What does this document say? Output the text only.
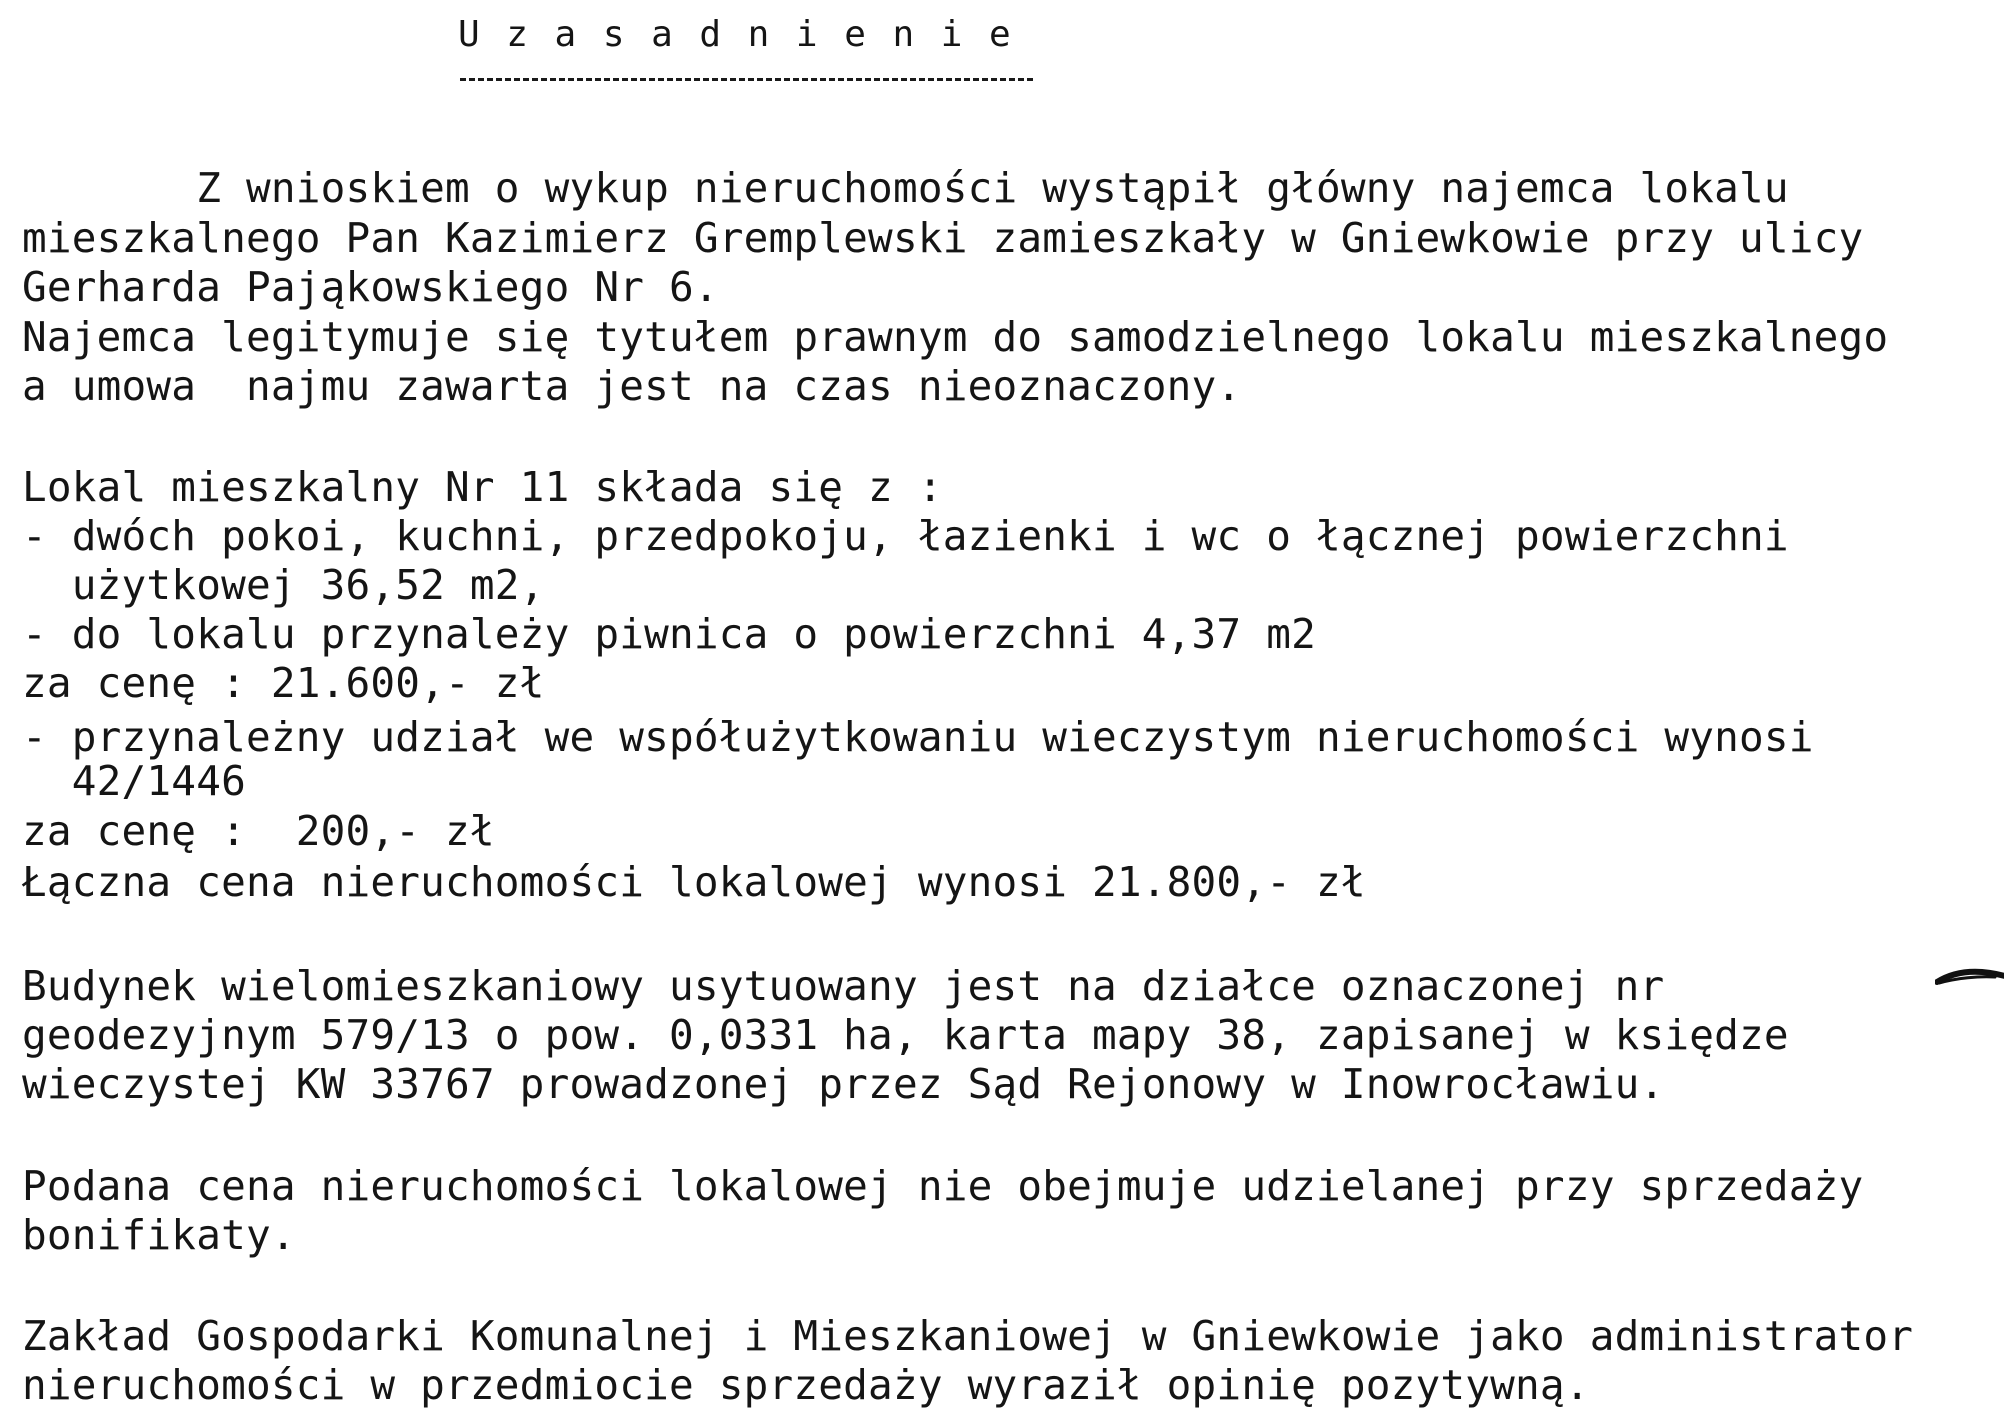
Uzasadnienie
Z wnioskiem o wykup nieruchomości wystąpił główny najemca lokalu
mieszkalnego Pan Kazimierz Gremplewski zamieszkały w Gniewkowie przy ulicy
Gerharda Pająkowskiego Nr 6.
Najemca legitymuje się tytułem prawnym do samodzielnego lokalu mieszkalnego
a umowa  najmu zawarta jest na czas nieoznaczony.
Lokal mieszkalny Nr 11 składa się z :
- dwóch pokoi, kuchni, przedpokoju, łazienki i wc o łącznej powierzchni
użytkowej 36,52 m2,
- do lokalu przynależy piwnica o powierzchni 4,37 m2
za cenę : 21.600,- zł
- przynależny udział we współużytkowaniu wieczystym nieruchomości wynosi
42/1446
za cenę :  200,- zł
Łączna cena nieruchomości lokalowej wynosi 21.800,- zł
Budynek wielomieszkaniowy usytuowany jest na działce oznaczonej nr
geodezyjnym 579/13 o pow. 0,0331 ha, karta mapy 38, zapisanej w księdze
wieczystej KW 33767 prowadzonej przez Sąd Rejonowy w Inowrocławiu.
Podana cena nieruchomości lokalowej nie obejmuje udzielanej przy sprzedaży
bonifikaty.
Zakład Gospodarki Komunalnej i Mieszkaniowej w Gniewkowie jako administrator
nieruchomości w przedmiocie sprzedaży wyraził opinię pozytywną.
